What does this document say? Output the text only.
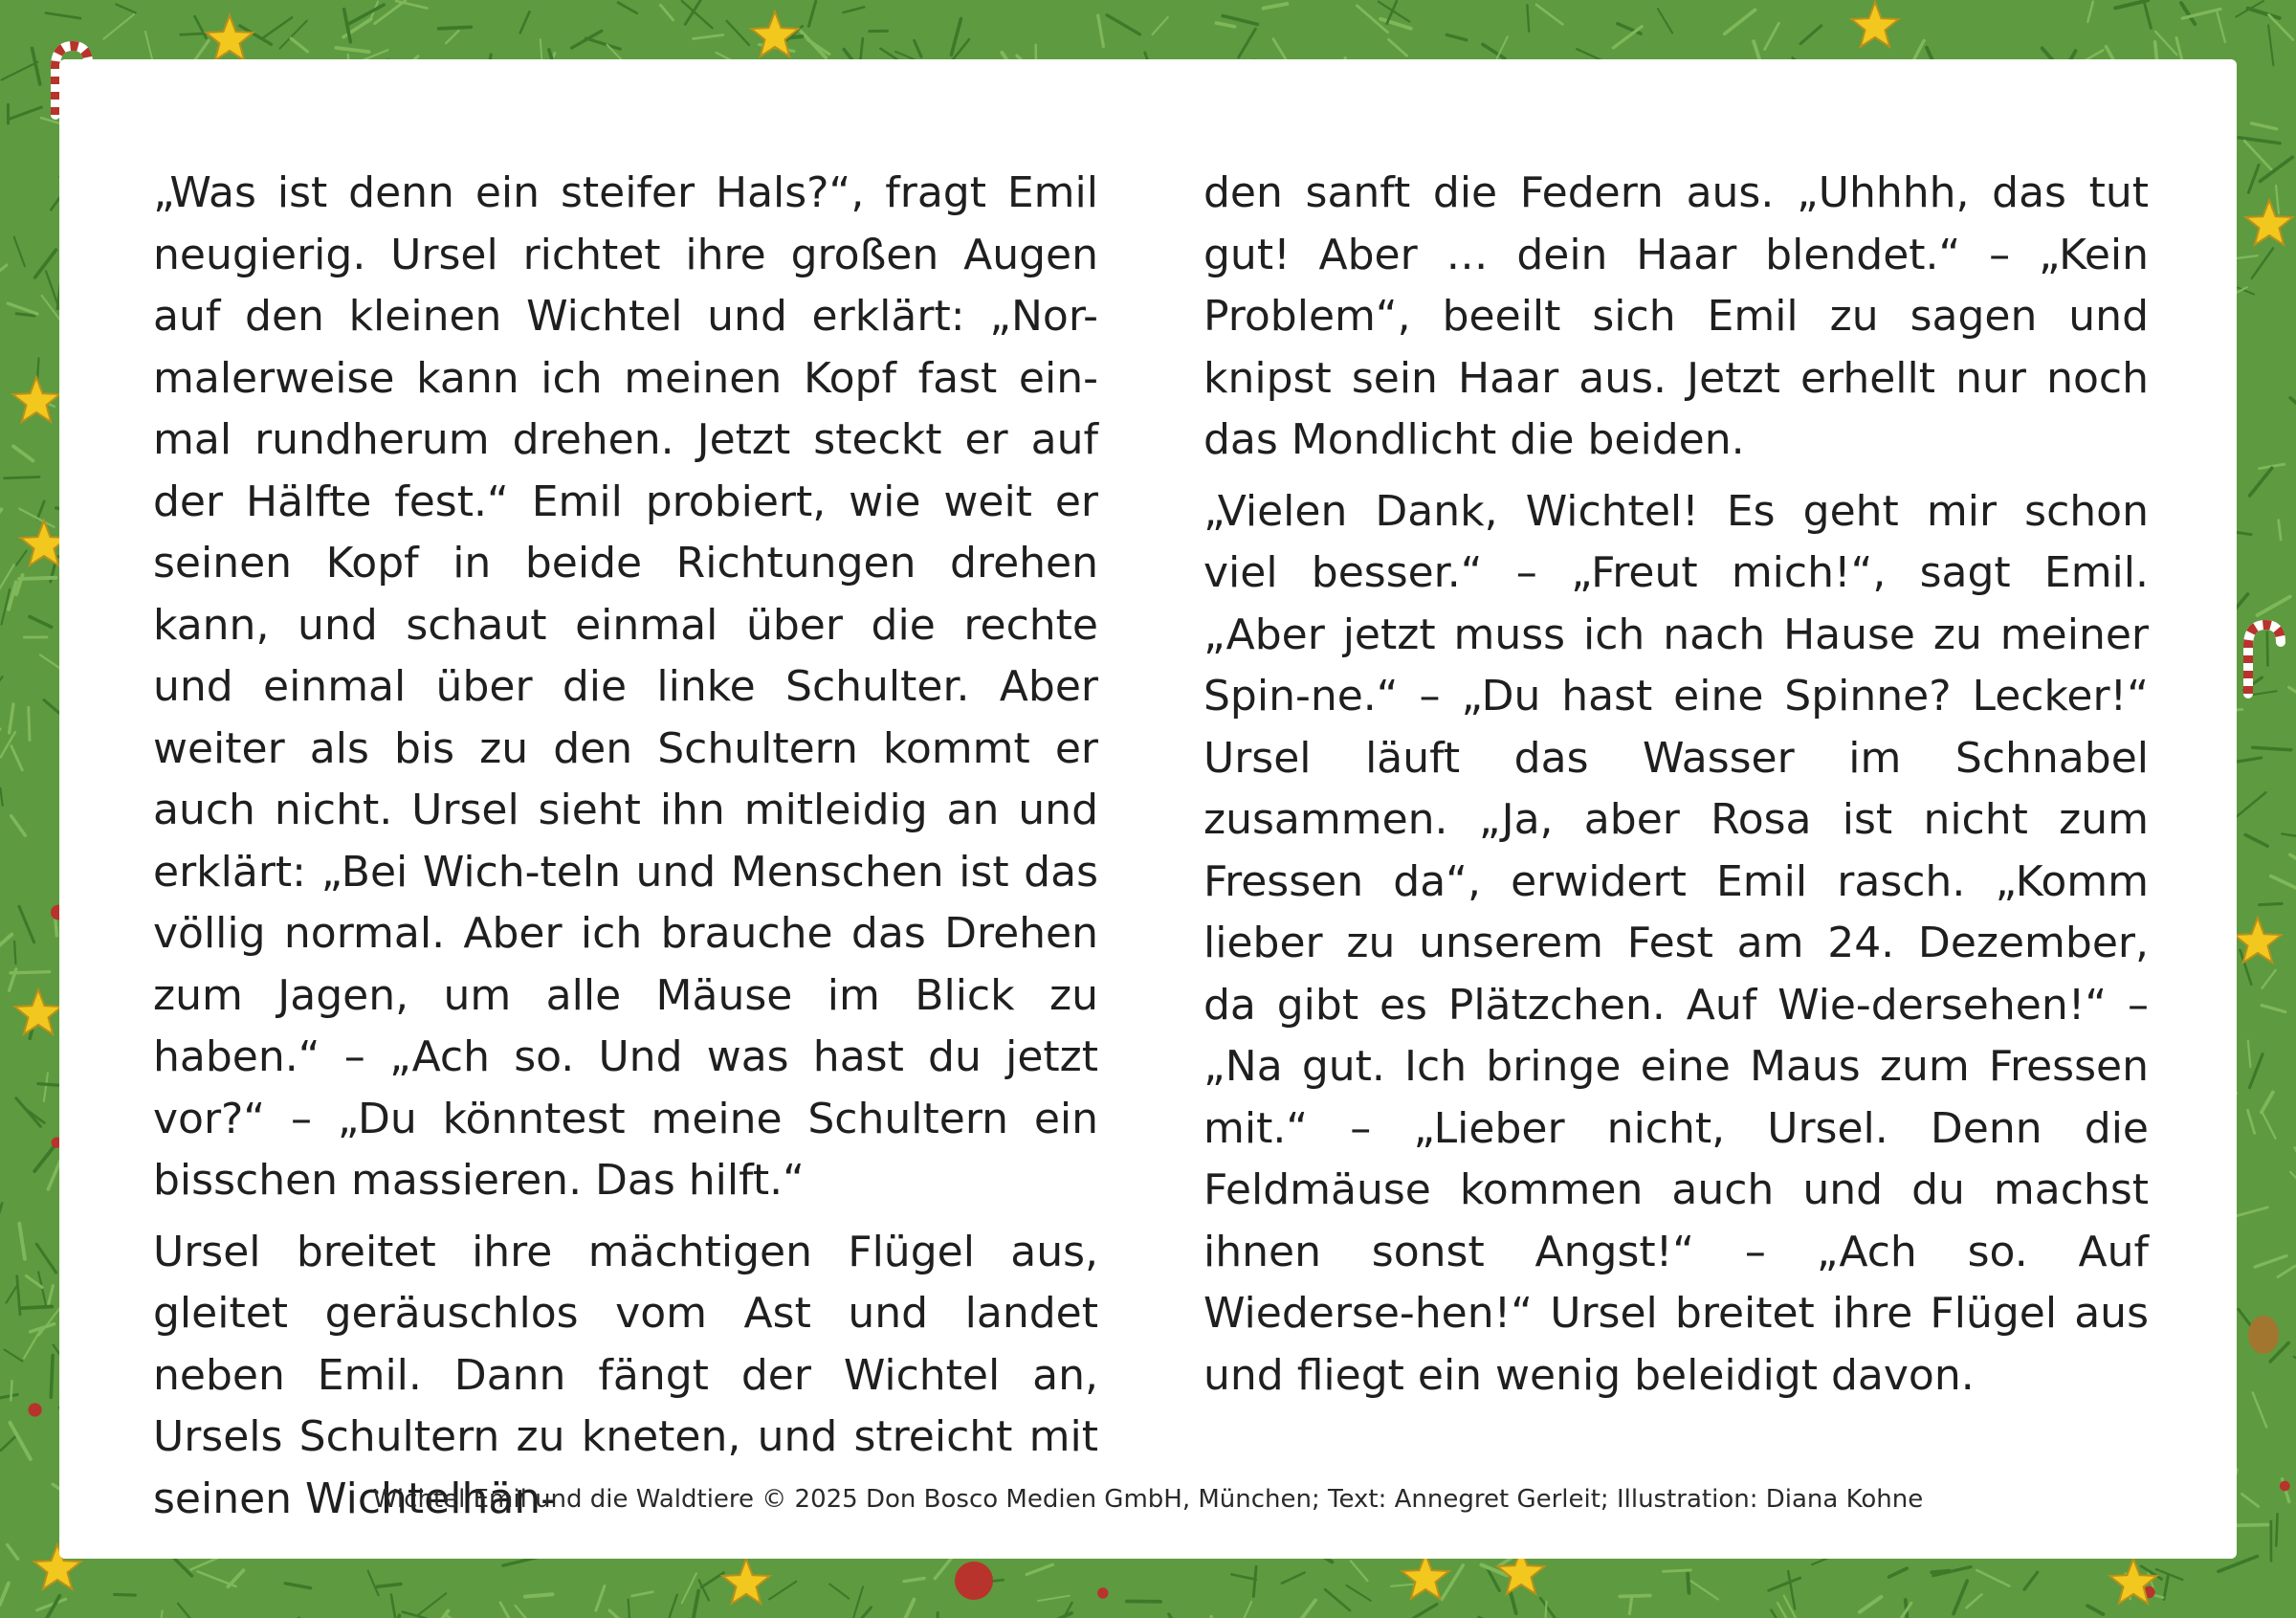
„Was ist denn ein steifer Hals?“, fragt Emil neugierig. Ursel richtet ihre großen Augen auf den kleinen Wichtel und erklärt: „Nor-malerweise kann ich meinen Kopf fast ein-mal rundherum drehen. Jetzt steckt er auf der Hälfte fest.“ Emil probiert, wie weit er seinen Kopf in beide Richtungen drehen kann, und schaut einmal über die rechte und einmal über die linke Schulter. Aber weiter als bis zu den Schultern kommt er auch nicht. Ursel sieht ihn mitleidig an und erklärt: „Bei Wich-teln und Menschen ist das völlig normal. Aber ich brauche das Drehen zum Jagen, um alle Mäuse im Blick zu haben.“ – „Ach so. Und was hast du jetzt vor?“ – „Du könntest meine Schultern ein bisschen massieren. Das hilft.“

Ursel breitet ihre mächtigen Flügel aus, gleitet geräuschlos vom Ast und landet neben Emil. Dann fängt der Wichtel an, Ursels Schultern zu kneten, und streicht mit seinen Wichtelhän-

den sanft die Federn aus. „Uhhhh, das tut gut! Aber … dein Haar blendet.“ – „Kein Problem“, beeilt sich Emil zu sagen und knipst sein Haar aus. Jetzt erhellt nur noch das Mondlicht die beiden.

„Vielen Dank, Wichtel! Es geht mir schon viel besser.“ – „Freut mich!“, sagt Emil. „Aber jetzt muss ich nach Hause zu meiner Spin-ne.“ – „Du hast eine Spinne? Lecker!“ Ursel läuft das Wasser im Schnabel zusammen. „Ja, aber Rosa ist nicht zum Fressen da“, erwidert Emil rasch. „Komm lieber zu unserem Fest am 24. Dezember, da gibt es Plätzchen. Auf Wie-dersehen!“ – „Na gut. Ich bringe eine Maus zum Fressen mit.“ – „Lieber nicht, Ursel. Denn die Feldmäuse kommen auch und du machst ihnen sonst Angst!“ – „Ach so. Auf Wiederse-hen!“ Ursel breitet ihre Flügel aus und fliegt ein wenig beleidigt davon.

Wichtel Emil und die Waldtiere © 2025 Don Bosco Medien GmbH, München; Text: Annegret Gerleit; Illustration: Diana Kohne
